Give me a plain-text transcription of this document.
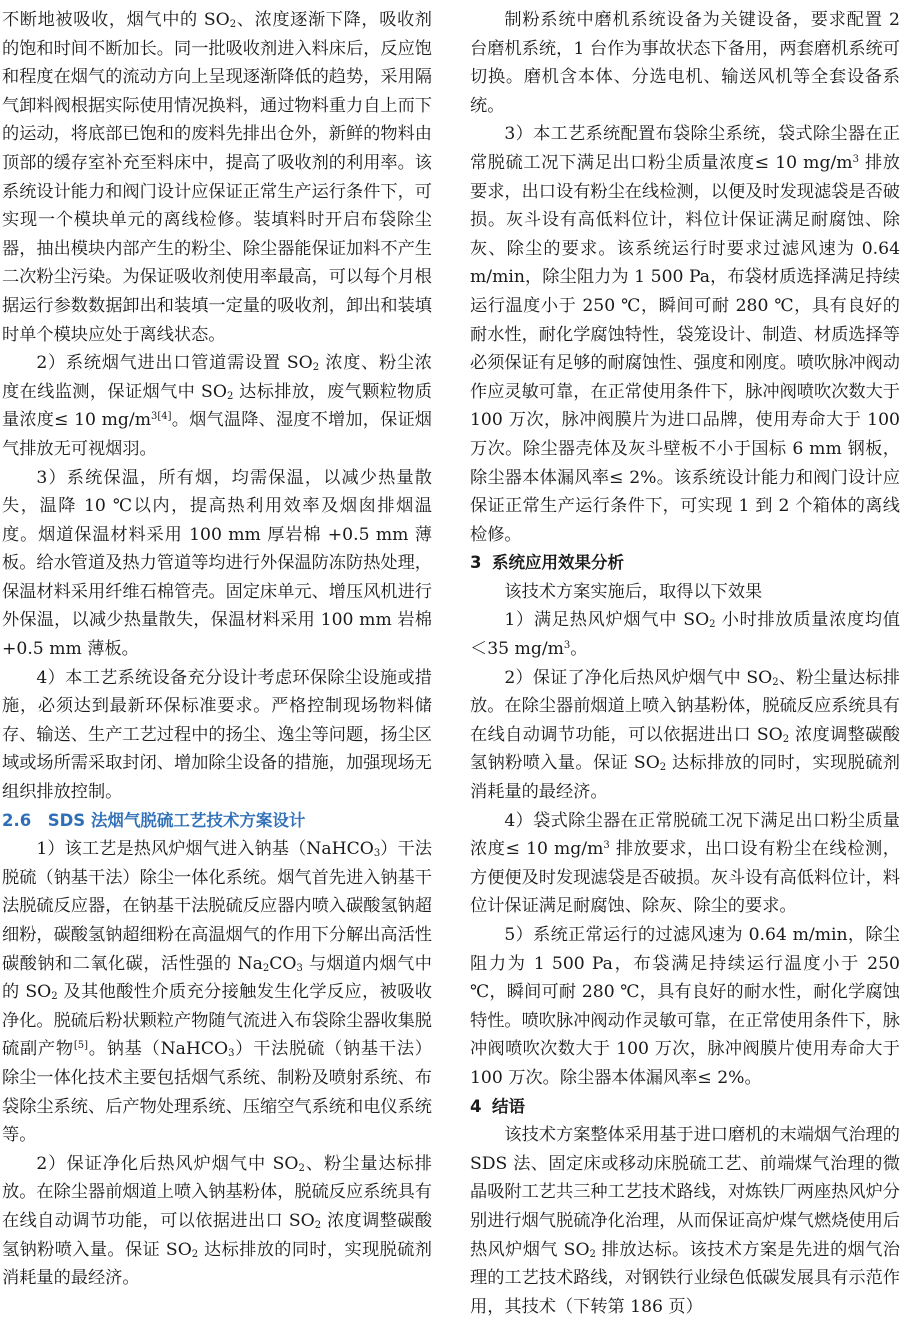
不断地被吸收，烟气中的 $SO_2$、浓度逐渐下降，吸收剂的饱和时间不断加长。同一批吸收剂进入料床后，反应饱和程度在烟气的流动方向上呈现逐渐降低的趋势，采用隔气卸料阀根据实际使用情况换料，通过物料重力自上而下的运动，将底部已饱和的废料先排出仓外，新鲜的物料由顶部的缓存室补充至料床中，提高了吸收剂的利用率。该系统设计能力和阀门设计应保证正常生产运行条件下，可实现一个模块单元的离线检修。装填料时开启布袋除尘器，抽出模块内部产生的粉尘、除尘器能保证加料不产生二次粉尘污染。为保证吸收剂使用率最高，可以每个月根据运行参数数据卸出和装填一定量的吸收剂，卸出和装填时单个模块应处于离线状态。

2）系统烟气进出口管道需设置 $SO_2$ 浓度、粉尘浓度在线监测，保证烟气中 $SO_2$ 达标排放，废气颗粒物质量浓度≤ 10 $mg/m^{3[4]}$。烟气温降、湿度不增加，保证烟气排放无可视烟羽。

3）系统保温，所有烟，均需保温，以减少热量散失，温降 10 ℃以内，提高热利用效率及烟囱排烟温度。烟道保温材料采用 100 mm 厚岩棉 +0.5 mm 薄板。给水管道及热力管道等均进行外保温防冻防热处理，保温材料采用纤维石棉管壳。固定床单元、增压风机进行外保温，以减少热量散失，保温材料采用 100 mm 岩棉 +0.5 mm 薄板。

4）本工艺系统设备充分设计考虑环保除尘设施或措施，必须达到最新环保标准要求。严格控制现场物料储存、输送、生产工艺过程中的扬尘、逸尘等问题，扬尘区域或场所需采取封闭、增加除尘设备的措施，加强现场无组织排放控制。

2.6　SDS 法烟气脱硫工艺技术方案设计

1）该工艺是热风炉烟气进入钠基（NaHCO$_3$）干法脱硫（钠基干法）除尘一体化系统。烟气首先进入钠基干法脱硫反应器，在钠基干法脱硫反应器内喷入碳酸氢钠超细粉，碳酸氢钠超细粉在高温烟气的作用下分解出高活性碳酸钠和二氧化碳，活性强的 $Na_2CO_3$ 与烟道内烟气中的 $SO_2$ 及其他酸性介质充分接触发生化学反应，被吸收净化。脱硫后粉状颗粒产物随气流进入布袋除尘器收集脱硫副产物[5]。钠基（NaHCO$_3$）干法脱硫（钠基干法）除尘一体化技术主要包括烟气系统、制粉及喷射系统、布袋除尘系统、后产物处理系统、压缩空气系统和电仪系统等。

2）保证净化后热风炉烟气中 $SO_2$、粉尘量达标排放。在除尘器前烟道上喷入钠基粉体，脱硫反应系统具有在线自动调节功能，可以依据进出口 $SO_2$ 浓度调整碳酸氢钠粉喷入量。保证 $SO_2$ 达标排放的同时，实现脱硫剂消耗量的最经济。

制粉系统中磨机系统设备为关键设备，要求配置 2 台磨机系统，1 台作为事故状态下备用，两套磨机系统可切换。磨机含本体、分选电机、输送风机等全套设备系统。

3）本工艺系统配置布袋除尘系统，袋式除尘器在正常脱硫工况下满足出口粉尘质量浓度≤ 10 $mg/m^3$ 排放要求，出口设有粉尘在线检测，以便及时发现滤袋是否破损。灰斗设有高低料位计，料位计保证满足耐腐蚀、除灰、除尘的要求。该系统运行时要求过滤风速为 0.64 m/min，除尘阻力为 1 500 Pa，布袋材质选择满足持续运行温度小于 250 ℃，瞬间可耐 280 ℃，具有良好的耐水性，耐化学腐蚀特性，袋笼设计、制造、材质选择等必须保证有足够的耐腐蚀性、强度和刚度。喷吹脉冲阀动作应灵敏可靠，在正常使用条件下，脉冲阀喷吹次数大于 100 万次，脉冲阀膜片为进口品牌，使用寿命大于 100 万次。除尘器壳体及灰斗壁板不小于国标 6 mm 钢板，除尘器本体漏风率≤ 2%。该系统设计能力和阀门设计应保证正常生产运行条件下，可实现 1 到 2 个箱体的离线检修。

3 系统应用效果分析

该技术方案实施后，取得以下效果

1）满足热风炉烟气中 $SO_2$ 小时排放质量浓度均值＜35 $mg/m^3$。

2）保证了净化后热风炉烟气中 $SO_2$、粉尘量达标排放。在除尘器前烟道上喷入钠基粉体，脱硫反应系统具有在线自动调节功能，可以依据进出口 $SO_2$ 浓度调整碳酸氢钠粉喷入量。保证 $SO_2$ 达标排放的同时，实现脱硫剂消耗量的最经济。

4）袋式除尘器在正常脱硫工况下满足出口粉尘质量浓度≤ 10 $mg/m^3$ 排放要求，出口设有粉尘在线检测，方便便及时发现滤袋是否破损。灰斗设有高低料位计，料位计保证满足耐腐蚀、除灰、除尘的要求。

5）系统正常运行的过滤风速为 0.64 m/min，除尘阻力为 1 500 Pa，布袋满足持续运行温度小于 250 ℃，瞬间可耐 280 ℃，具有良好的耐水性，耐化学腐蚀特性。喷吹脉冲阀动作灵敏可靠，在正常使用条件下，脉冲阀喷吹次数大于 100 万次，脉冲阀膜片使用寿命大于 100 万次。除尘器本体漏风率≤ 2%。

4 结语

该技术方案整体采用基于进口磨机的末端烟气治理的 SDS 法、固定床或移动床脱硫工艺、前端煤气治理的微晶吸附工艺共三种工艺技术路线，对炼铁厂两座热风炉分别进行烟气脱硫净化治理，从而保证高炉煤气燃烧使用后热风炉烟气 $SO_2$ 排放达标。该技术方案是先进的烟气治理的工艺技术路线，对钢铁行业绿色低碳发展具有示范作用，其技术（下转第 186 页）
